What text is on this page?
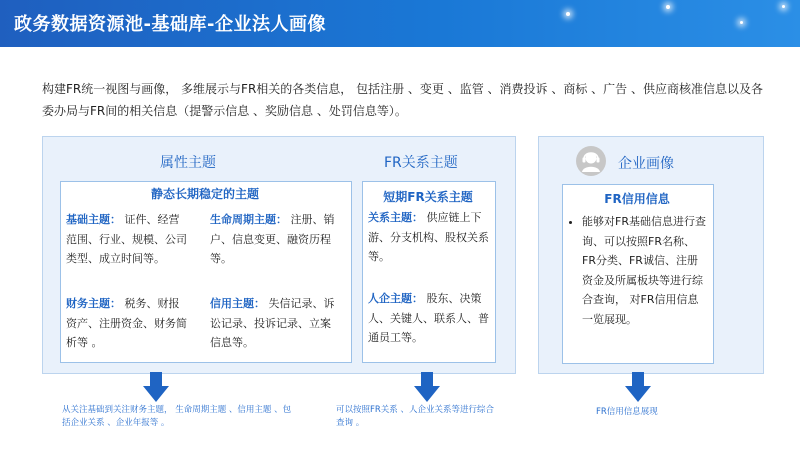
政务数据资源池-基础库-企业法人画像
构建FR统一视图与画像， 多维展示与FR相关的各类信息， 包括注册 、变更 、监管 、消费投诉 、商标 、广告 、供应商核准信息以及各委办局与FR间的相关信息（提警示信息 、奖励信息 、处罚信息等）。
属性主题	FR关系主题
静态长期稳定的主题
基础主题： 证件、经营范围、行业、规模、公司类型、成立时间等。
生命周期主题： 注册、销户、信息变更、融资历程等。
财务主题： 税务、财报资产、注册资金、财务简析等 。
信用主题： 失信记录、诉讼记录、投诉记录、立案信息等。
短期FR关系主题
关系主题： 供应链上下游、分支机构、股权关系等。
人企主题： 股东、决策人、关键人、联系人、普通员工等。
从关注基础到关注财务主题， 生命周期主题 、信用主题 、包括企业关系 、企业年报等 。
可以按照FR关系 、人企业关系等进行综合查询 。
企业画像
FR信用信息
• 能够对FR基础信息进行查询、可以按照FR名称、FR分类、FR诚信、注册资金及所属板块等进行综合查询， 对FR信用信息一览展现。
FR信用信息展现
